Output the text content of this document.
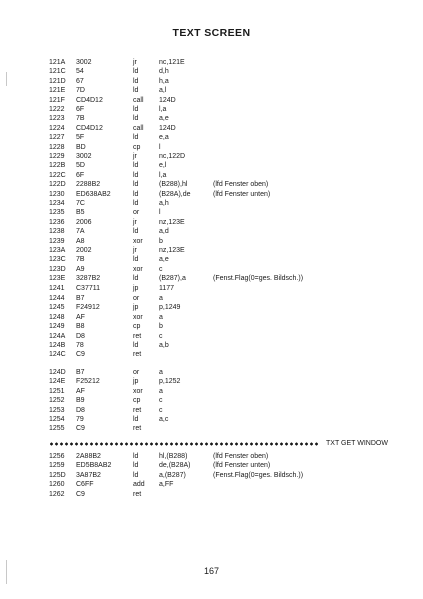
TEXT SCREEN
121A 3002	jr	nc,121E
121C 54	ld	d,h
121D 67	ld	h,a
121E 7D	ld	a,l
121F CD4D12	call 124D
1222 6F	ld	l,a
1223 7B	ld	a,e
1224 CD4D12	call 124D
1227 5F	ld	e,a
1228 BD	cp	l
1229 3002	jr	nc,122D
122B 5D	ld	e,l
122C 6F	ld	l,a
122D 2288B2	ld	(B288),hl	(lfd Fenster oben)
1230 ED638AB2	ld	(B28A),de	(lfd Fenster unten)
1234 7C	ld	a,h
1235 B5	or	l
1236 2006	jr	nz,123E
1238 7A	ld	a,d
1239 A8	xor b
123A 2002	jr	nz,123E
123C 7B	ld	a,e
123D A9	xor c
123E 3287B2	ld	(B287),a	(Fenst.Flag(0=ges. Bildsch.))
1241 C37711	jp	1177
1244 B7	or	a
1245 F24912	jp	p,1249
1248 AF	xor a
1249 B8	cp	b
124A D8	ret	c
124B 78	ld	a,b
124C C9	ret
124D B7	or	a
124E F25212	jp	p,1252
1251 AF	xor a
1252 B9	cp	c
1253 D8	ret	c
1254 79	ld	a,c
1255 C9	ret
1256 2A88B2	ld	hl,(B288)	(lfd Fenster oben)
1259 ED5B8AB2	ld	de,(B28A)	(lfd Fenster unten)
125D 3A87B2	ld	a,(B287)	(Fenst.Flag(0=ges. Bildsch.))
1260 C6FF	add a,FF
1262 C9	ret
TXT GET WINDOW
167
